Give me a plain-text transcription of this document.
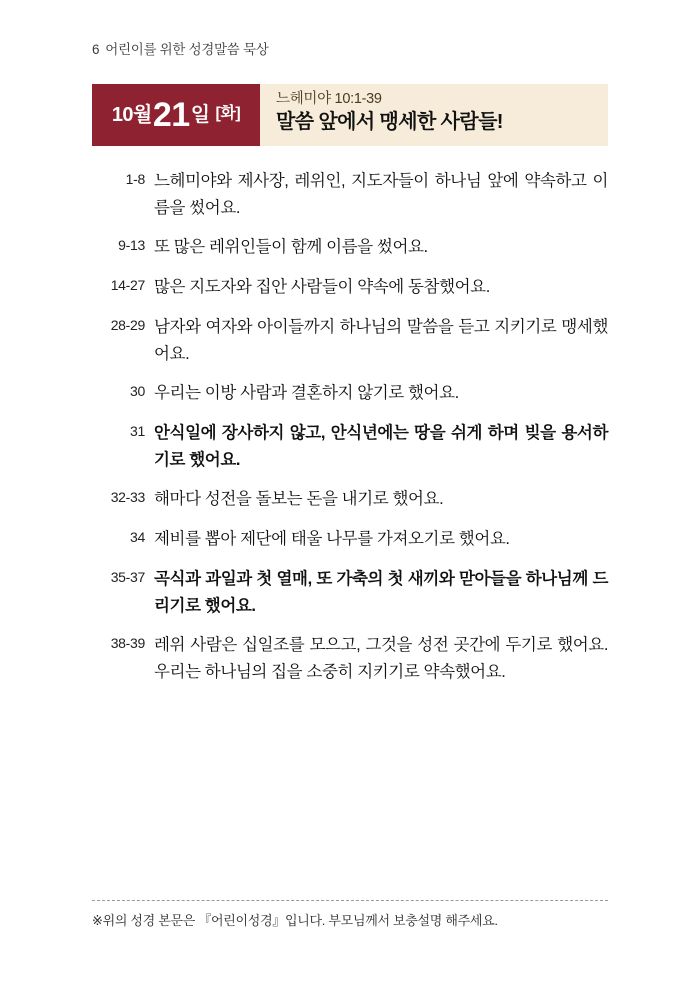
6 어린이를 위한 성경말씀 묵상
10월 21 일 [화]
느헤미야 10:1-39
말씀 앞에서 맹세한 사람들!
1-8 느헤미야와 제사장, 레위인, 지도자들이 하나님 앞에 약속하고 이름을 썼어요.
9-13 또 많은 레위인들이 함께 이름을 썼어요.
14-27 많은 지도자와 집안 사람들이 약속에 동참했어요.
28-29 남자와 여자와 아이들까지 하나님의 말씀을 듣고 지키기로 맹세했어요.
30 우리는 이방 사람과 결혼하지 않기로 했어요.
31 안식일에 장사하지 않고, 안식년에는 땅을 쉬게 하며 빚을 용서하기로 했어요.
32-33 해마다 성전을 돌보는 돈을 내기로 했어요.
34 제비를 뽑아 제단에 태울 나무를 가져오기로 했어요.
35-37 곡식과 과일과 첫 열매, 또 가축의 첫 새끼와 맏아들을 하나님께 드리기로 했어요.
38-39 레위 사람은 십일조를 모으고, 그것을 성전 곳간에 두기로 했어요. 우리는 하나님의 집을 소중히 지키기로 약속했어요.
※위의 성경 본문은 『어린이성경』입니다. 부모님께서 보충설명 해주세요.
